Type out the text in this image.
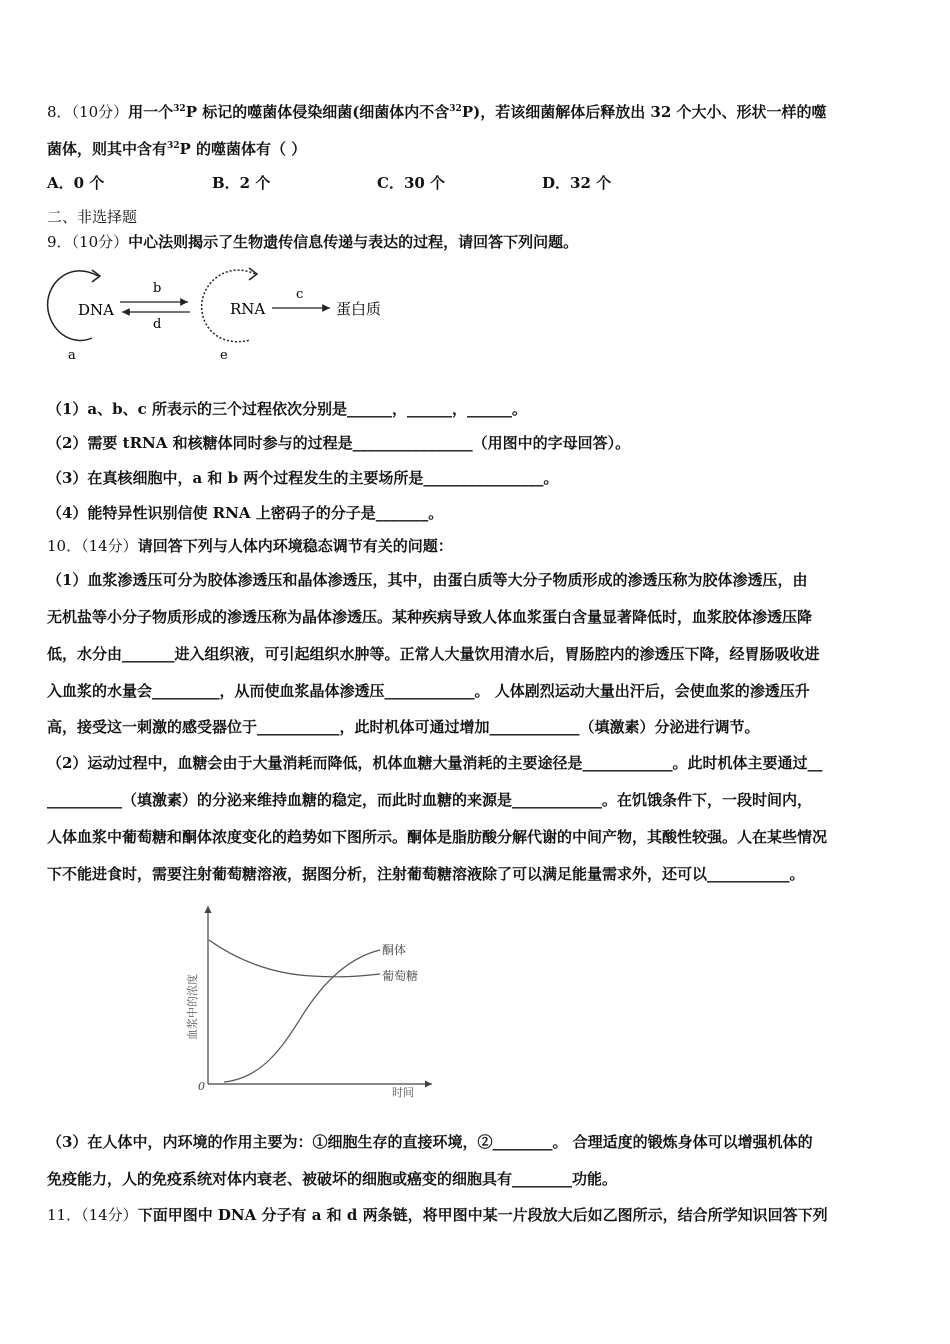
8．（10分）用一个$^{32}$P 标记的噬菌体侵染细菌(细菌体内不含$^{32}$P)，若该细菌解体后释放出 32 个大小、形状一样的噬
菌体，则其中含有$^{32}$P 的噬菌体有（ ）
A．0 个	B．2 个	C．30 个	D．32 个
二、非选择题
9．（10分）中心法则揭示了生物遗传信息传递与表达的过程，请回答下列问题。
DNA
a
b
d
RNA
e
c
蛋白质
（1）a、b、c 所表示的三个过程依次分别是______，______，______。
（2）需要 tRNA 和核糖体同时参与的过程是________________（用图中的字母回答）。
（3）在真核细胞中，a 和 b 两个过程发生的主要场所是________________。
（4）能特异性识别信使 RNA 上密码子的分子是_______。
10．（14分）请回答下列与人体内环境稳态调节有关的问题：
（1）血浆渗透压可分为胶体渗透压和晶体渗透压，其中，由蛋白质等大分子物质形成的渗透压称为胶体渗透压，由
无机盐等小分子物质形成的渗透压称为晶体渗透压。某种疾病导致人体血浆蛋白含量显著降低时，血浆胶体渗透压降
低，水分由_______进入组织液，可引起组织水肿等。正常人大量饮用清水后，胃肠腔内的渗透压下降，经胃肠吸收进
入血浆的水量会_________，从而使血浆晶体渗透压____________。 人体剧烈运动大量出汗后，会使血浆的渗透压升
高，接受这一刺激的感受器位于___________，此时机体可通过增加____________（填激素）分泌进行调节。
（2）运动过程中，血糖会由于大量消耗而降低，机体血糖大量消耗的主要途径是____________。此时机体主要通过__
__________（填激素）的分泌来维持血糖的稳定，而此时血糖的来源是____________。在饥饿条件下，一段时间内，
人体血浆中葡萄糖和酮体浓度变化的趋势如下图所示。酮体是脂肪酸分解代谢的中间产物，其酸性较强。人在某些情况
下不能进食时，需要注射葡萄糖溶液，据图分析，注射葡萄糖溶液除了可以满足能量需求外，还可以___________。
0
血浆中的浓度
时间
酮体
葡萄糖
（3）在人体中，内环境的作用主要为：①细胞生存的直接环境，②________。 合理适度的锻炼身体可以增强机体的
免疫能力，人的免疫系统对体内衰老、被破坏的细胞或癌变的细胞具有________功能。
11．（14分）下面甲图中 DNA 分子有 a 和 d 两条链，将甲图中某一片段放大后如乙图所示，结合所学知识回答下列
